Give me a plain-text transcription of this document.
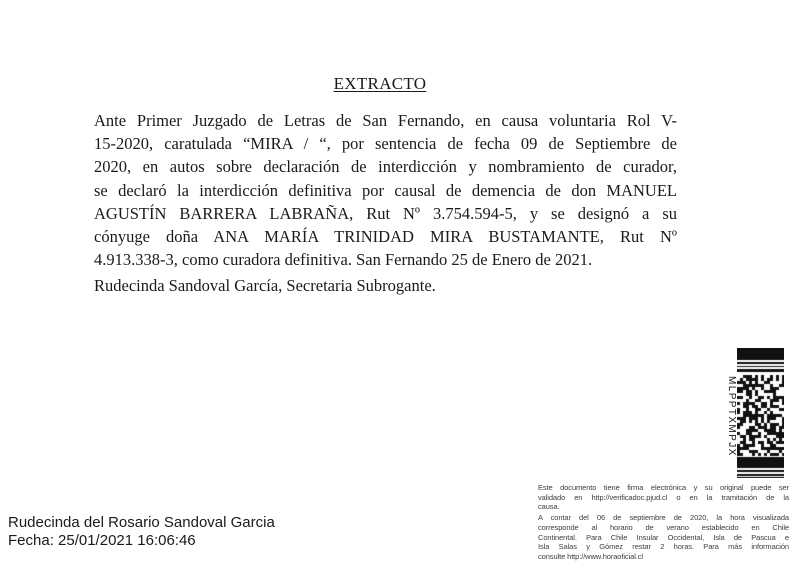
EXTRACTO
Ante Primer Juzgado de Letras de San Fernando, en causa voluntaria Rol V-
15-2020, caratulada “MIRA / “, por sentencia de fecha 09 de Septiembre de
2020, en autos sobre declaración de interdicción y nombramiento de curador,
se declaró la interdicción definitiva por causal de demencia de don MANUEL
AGUSTÍN BARRERA LABRAÑA, Rut Nº 3.754.594-5, y se designó a su
cónyuge doña ANA MARÍA TRINIDAD MIRA BUSTAMANTE, Rut Nº
4.913.338-3, como curadora definitiva. San Fernando 25 de Enero de 2021.
Rudecinda Sandoval García, Secretaria Subrogante.
MLPPTXMPJX
Este documento tiene firma electrónica y su original puede ser
validado en http://verificadoc.pjud.cl o en la tramitación de la
causa.
A contar del 06 de septiembre de 2020, la hora visualizada
corresponde al horario de verano establecido en Chile
Continental. Para Chile Insular Occidental, Isla de Pascua e
Isla Salas y Gómez restar 2 horas. Para más información
consulte http://www.horaoficial.cl
Rudecinda del Rosario Sandoval Garcia
Fecha: 25/01/2021 16:06:46
